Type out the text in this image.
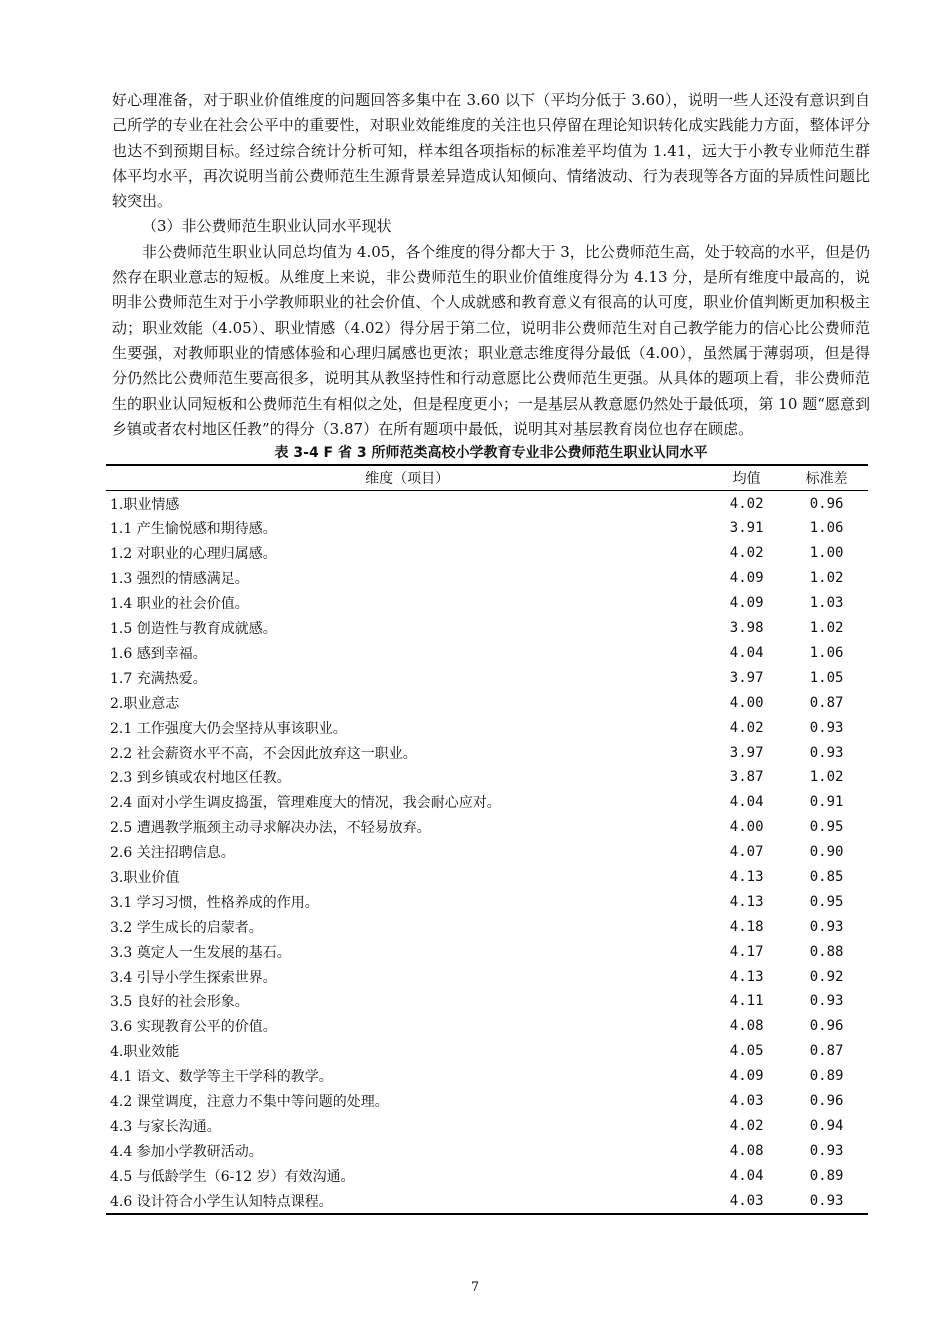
好心理准备，对于职业价值维度的问题回答多集中在 3.60 以下（平均分低于 3.60），说明一些人还没有意识到自己所学的专业在社会公平中的重要性，对职业效能维度的关注也只停留在理论知识转化成实践能力方面，整体评分也达不到预期目标。经过综合统计分析可知，样本组各项指标的标准差平均值为 1.41，远大于小教专业师范生群体平均水平，再次说明当前公费师范生生源背景差异造成认知倾向、情绪波动、行为表现等各方面的异质性问题比较突出。

（3）非公费师范生职业认同水平现状

非公费师范生职业认同总均值为 4.05，各个维度的得分都大于 3，比公费师范生高，处于较高的水平，但是仍然存在职业意志的短板。从维度上来说，非公费师范生的职业价值维度得分为 4.13 分，是所有维度中最高的，说明非公费师范生对于小学教师职业的社会价值、个人成就感和教育意义有很高的认可度，职业价值判断更加积极主动；职业效能（4.05）、职业情感（4.02）得分居于第二位，说明非公费师范生对自己教学能力的信心比公费师范生要强，对教师职业的情感体验和心理归属感也更浓；职业意志维度得分最低（4.00），虽然属于薄弱项，但是得分仍然比公费师范生要高很多，说明其从教坚持性和行动意愿比公费师范生更强。从具体的题项上看，非公费师范生的职业认同短板和公费师范生有相似之处，但是程度更小；一是基层从教意愿仍然处于最低项，第 10 题“愿意到乡镇或者农村地区任教”的得分（3.87）在所有题项中最低，说明其对基层教育岗位也存在顾虑。

表 3-4 F 省 3 所师范类高校小学教育专业非公费师范生职业认同水平

维度（项目）	均值	标准差
1.职业情感	4.02	0.96
1.1 产生愉悦感和期待感。	3.91	1.06
1.2 对职业的心理归属感。	4.02	1.00
1.3 强烈的情感满足。	4.09	1.02
1.4 职业的社会价值。	4.09	1.03
1.5 创造性与教育成就感。	3.98	1.02
1.6 感到幸福。	4.04	1.06
1.7 充满热爱。	3.97	1.05
2.职业意志	4.00	0.87
2.1 工作强度大仍会坚持从事该职业。	4.02	0.93
2.2 社会薪资水平不高，不会因此放弃这一职业。	3.97	0.93
2.3 到乡镇或农村地区任教。	3.87	1.02
2.4 面对小学生调皮捣蛋，管理难度大的情况，我会耐心应对。	4.04	0.91
2.5 遭遇教学瓶颈主动寻求解决办法，不轻易放弃。	4.00	0.95
2.6 关注招聘信息。	4.07	0.90
3.职业价值	4.13	0.85
3.1 学习习惯，性格养成的作用。	4.13	0.95
3.2 学生成长的启蒙者。	4.18	0.93
3.3 奠定人一生发展的基石。	4.17	0.88
3.4 引导小学生探索世界。	4.13	0.92
3.5 良好的社会形象。	4.11	0.93
3.6 实现教育公平的价值。	4.08	0.96
4.职业效能	4.05	0.87
4.1 语文、数学等主干学科的教学。	4.09	0.89
4.2 课堂调度，注意力不集中等问题的处理。	4.03	0.96
4.3 与家长沟通。	4.02	0.94
4.4 参加小学教研活动。	4.08	0.93
4.5 与低龄学生（6-12 岁）有效沟通。	4.04	0.89
4.6 设计符合小学生认知特点课程。	4.03	0.93
7
